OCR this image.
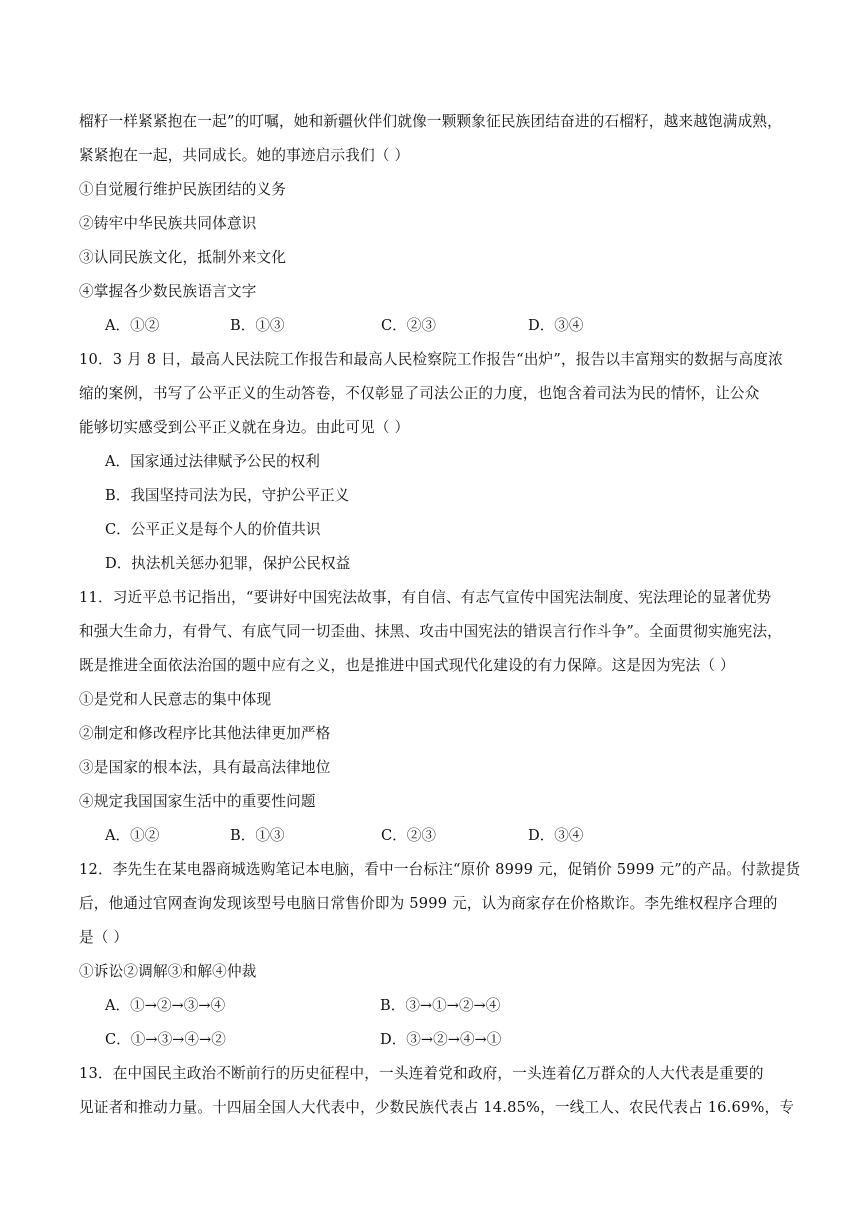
榴籽一样紧紧抱在一起”的叮嘱，她和新疆伙伴们就像一颗颗象征民族团结奋进的石榴籽，越来越饱满成熟，
紧紧抱在一起，共同成长。她的事迹启示我们（ ）
①自觉履行维护民族团结的义务
②铸牢中华民族共同体意识
③认同民族文化，抵制外来文化
④掌握各少数民族语言文字
A．①②	B．①③	C．②③	D．③④
10．3 月 8 日，最高人民法院工作报告和最高人民检察院工作报告“出炉”，报告以丰富翔实的数据与高度浓
缩的案例，书写了公平正义的生动答卷，不仅彰显了司法公正的力度，也饱含着司法为民的情怀，让公众
能够切实感受到公平正义就在身边。由此可见（ ）
A．国家通过法律赋予公民的权利
B．我国坚持司法为民，守护公平正义
C．公平正义是每个人的价值共识
D．执法机关惩办犯罪，保护公民权益
11．习近平总书记指出，“要讲好中国宪法故事，有自信、有志气宣传中国宪法制度、宪法理论的显著优势
和强大生命力，有骨气、有底气同一切歪曲、抹黑、攻击中国宪法的错误言行作斗争”。全面贯彻实施宪法，
既是推进全面依法治国的题中应有之义，也是推进中国式现代化建设的有力保障。这是因为宪法（ ）
①是党和人民意志的集中体现
②制定和修改程序比其他法律更加严格
③是国家的根本法，具有最高法律地位
④规定我国国家生活中的重要性问题
A．①②	B．①③	C．②③	D．③④
12．李先生在某电器商城选购笔记本电脑，看中一台标注“原价 8999 元，促销价 5999 元”的产品。付款提货
后，他通过官网查询发现该型号电脑日常售价即为 5999 元，认为商家存在价格欺诈。李先维权程序合理的
是（ ）
①诉讼②调解③和解④仲裁
A．①→②→③→④	B．③→①→②→④
C．①→③→④→②	D．③→②→④→①
13．在中国民主政治不断前行的历史征程中，一头连着党和政府，一头连着亿万群众的人大代表是重要的
见证者和推动力量。十四届全国人大代表中，少数民族代表占 14.85%，一线工人、农民代表占 16.69%，专
